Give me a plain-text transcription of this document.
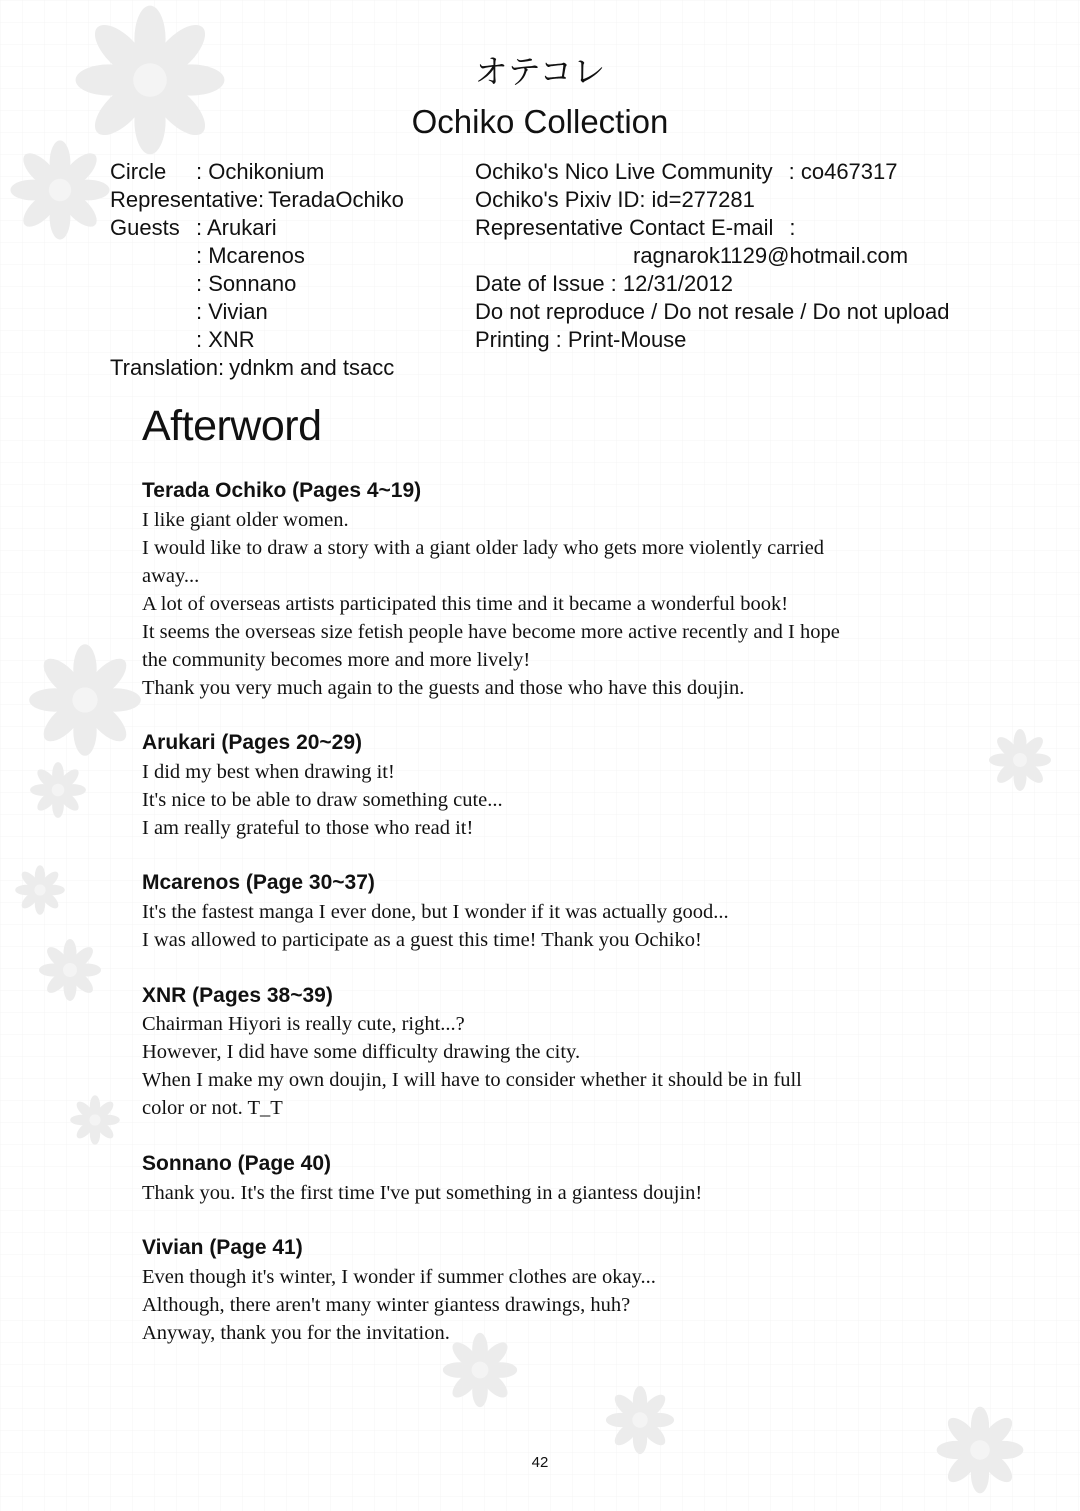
オテコレ
Ochiko Collection
Circle : Ochikonium
Representative: TeradaOchiko
Guests : Arukari
: Mcarenos
: Sonnano
: Vivian
: XNR
Translation: ydnkm and tsacc
Ochiko's Nico Live Community : co467317
Ochiko's Pixiv ID: id=277281
Representative Contact E-mail :
ragnarok1129@hotmail.com
Date of Issue : 12/31/2012
Do not reproduce / Do not resale / Do not upload
Printing : Print-Mouse
Afterword
Terada Ochiko (Pages 4~19)
I like giant older women.
I would like to draw a story with a giant older lady who gets more violently carried
away...
A lot of overseas artists participated this time and it became a wonderful book!
It seems the overseas size fetish people have become more active recently and I hope
the community becomes more and more lively!
Thank you very much again to the guests and those who have this doujin.
Arukari (Pages 20~29)
I did my best when drawing it!
It's nice to be able to draw something cute...
I am really grateful to those who read it!
Mcarenos (Page 30~37)
It's the fastest manga I ever done, but I wonder if it was actually good...
I was allowed to participate as a guest this time! Thank you Ochiko!
XNR (Pages 38~39)
Chairman Hiyori is really cute, right...?
However, I did have some difficulty drawing the city.
When I make my own doujin, I will have to consider whether it should be in full
color or not. T_T
Sonnano (Page 40)
Thank you. It's the first time I've put something in a giantess doujin!
Vivian (Page 41)
Even though it's winter, I wonder if summer clothes are okay...
Although, there aren't many winter giantess drawings, huh?
Anyway, thank you for the invitation.
42
